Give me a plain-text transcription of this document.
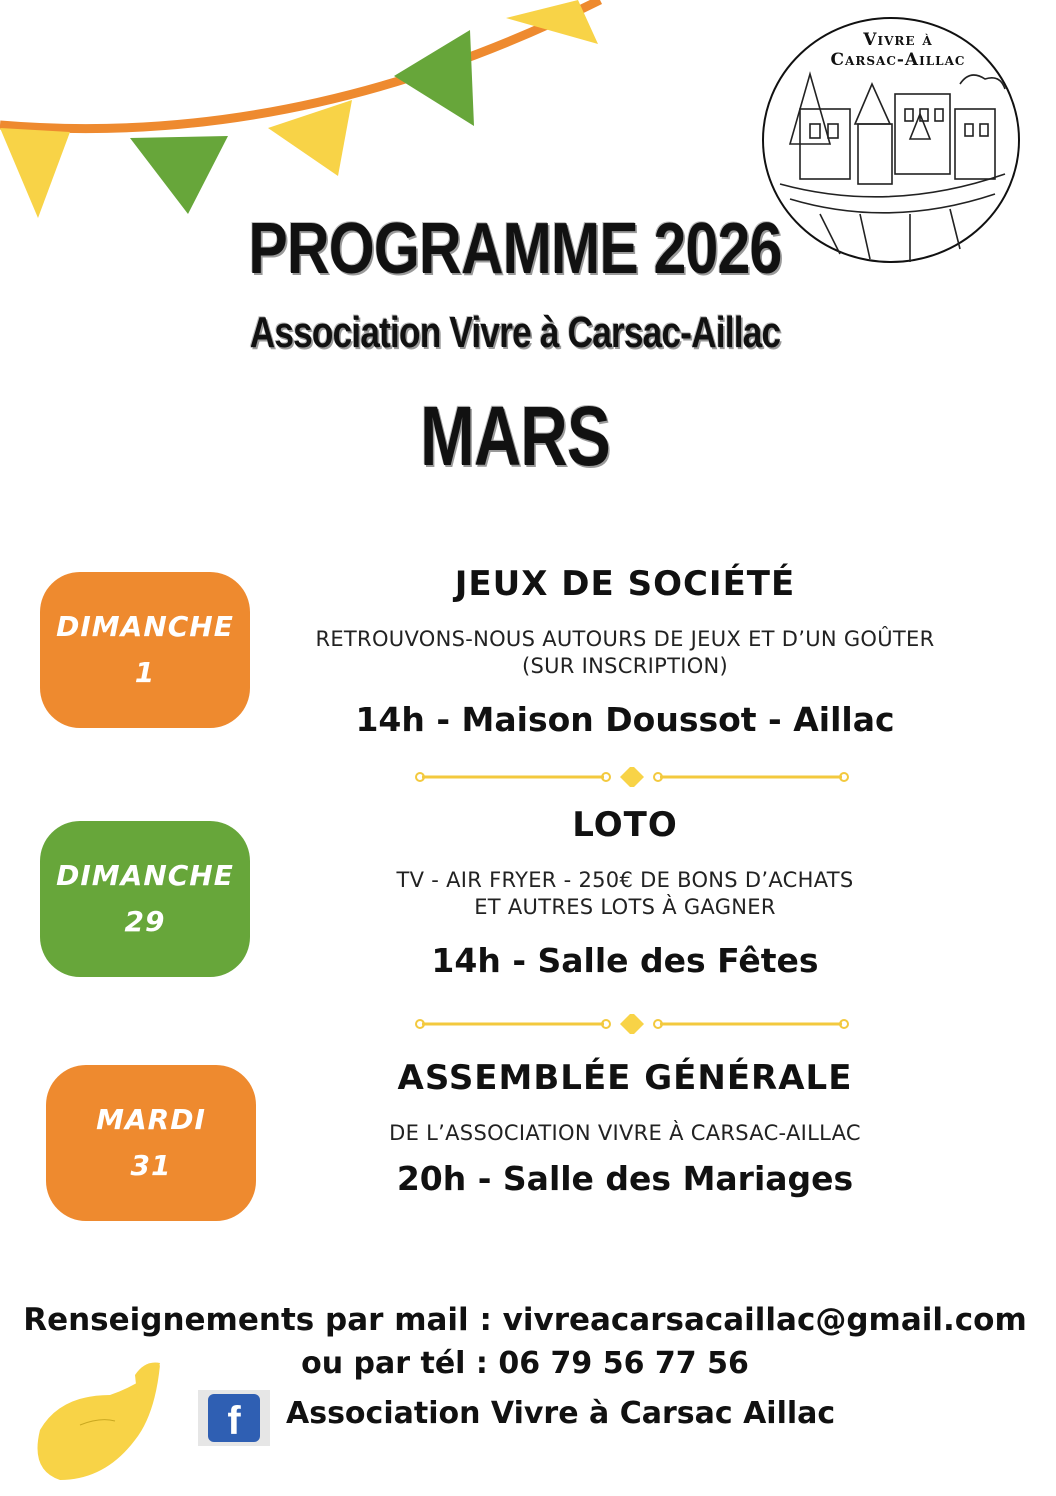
Vivre à
Carsac-Aillac
PROGRAMME 2026
Association Vivre à Carsac-Aillac
MARS
DIMANCHE
1
JEUX DE SOCIÉTÉ
RETROUVONS-NOUS AUTOURS DE JEUX ET D’UN GOÛTER
(SUR INSCRIPTION)
14h - Maison Doussot - Aillac
DIMANCHE
29
LOTO
TV - AIR FRYER - 250€ DE BONS D’ACHATS
ET AUTRES LOTS À GAGNER
14h - Salle des Fêtes
MARDI
31
ASSEMBLÉE GÉNÉRALE
DE L’ASSOCIATION VIVRE À CARSAC-AILLAC
20h - Salle des Mariages
Renseignements par mail : vivreacarsacaillac@gmail.com
ou par tél : 06 79 56 77 56
f Association Vivre à Carsac Aillac
